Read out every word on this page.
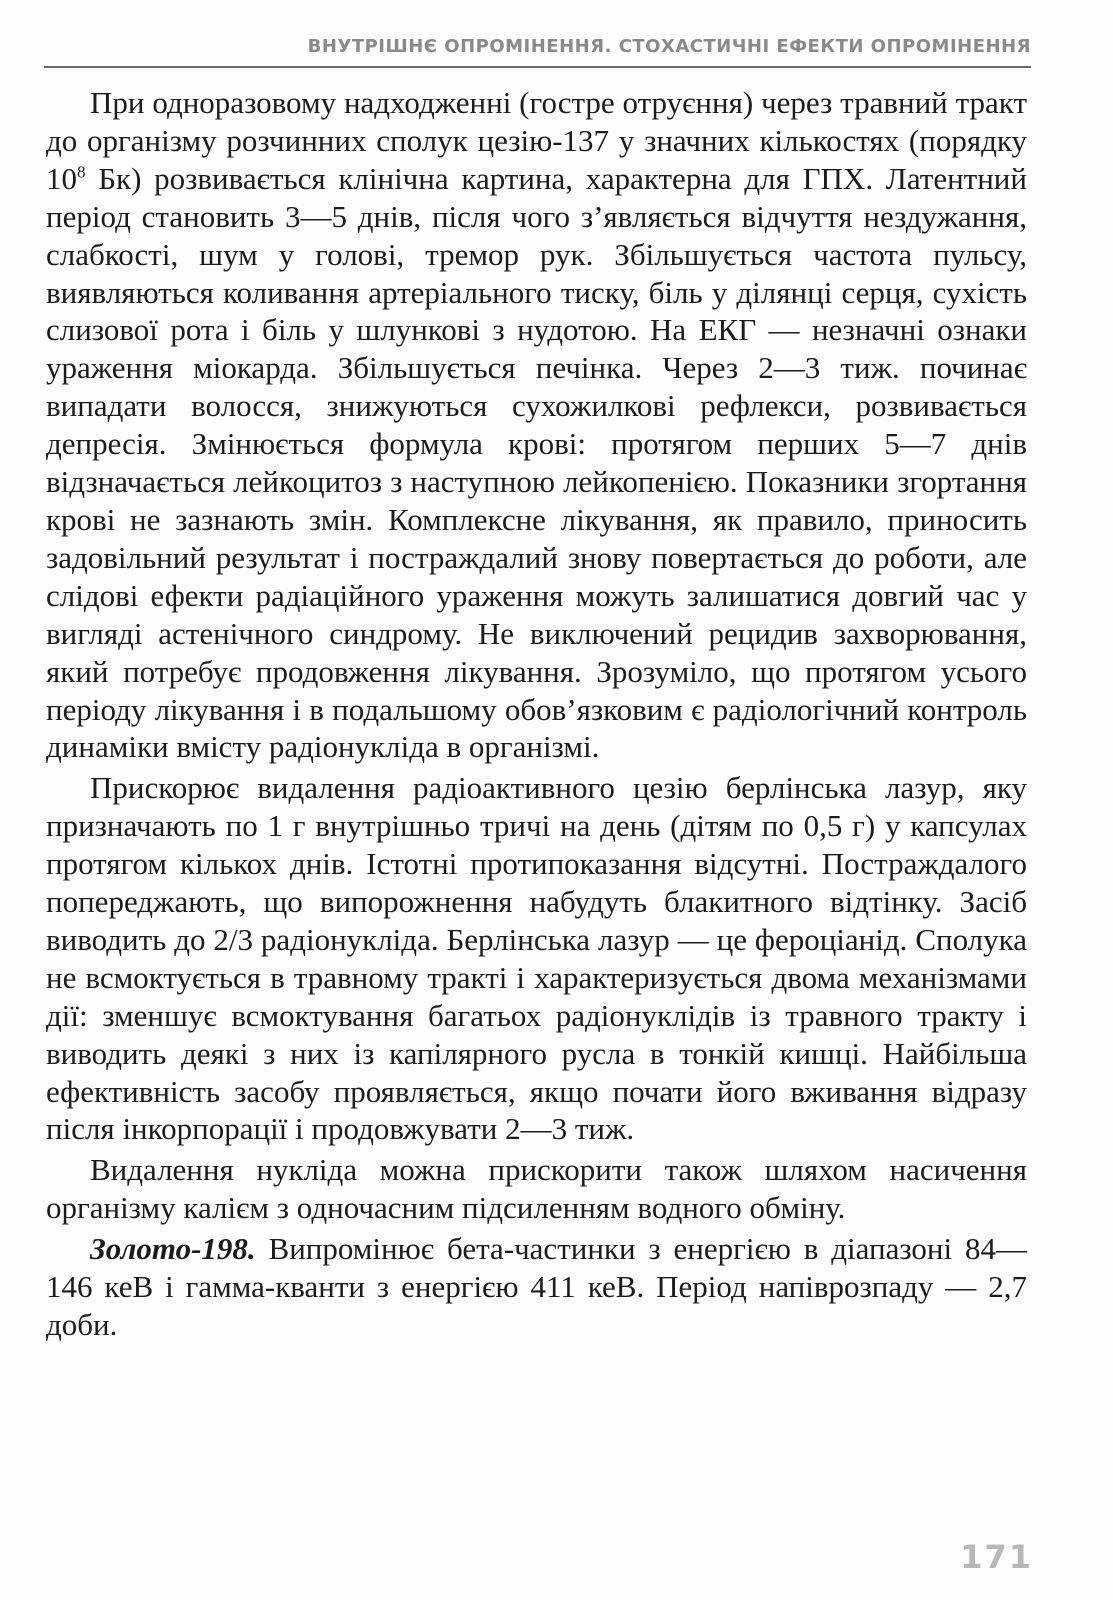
ВНУТРІШНЄ ОПРОМІНЕННЯ. СТОХАСТИЧНІ ЕФЕКТИ ОПРОМІНЕННЯ

При одноразовому надходженні (гостре отруєння) через травний тракт до організму розчинних сполук цезію-137 у значних кількостях (порядку $10^8$ Бк) розвивається клінічна картина, характерна для ГПХ. Латентний період становить 3—5 днів, після чого з’являється відчуття нездужання, слабкості, шум у голові, тремор рук. Збільшується частота пульсу, виявляються коливання артеріального тиску, біль у ділянці серця, сухість слизової рота і біль у шлункові з нудотою. На ЕКГ — незначні ознаки ураження міокарда. Збільшується печінка. Через 2—3 тиж. починає випадати волосся, знижуються сухожилкові рефлекси, розвивається депресія. Змінюється формула крові: протягом перших 5—7 днів відзначається лейкоцитоз з наступною лейкопенією. Показники згортання крові не зазнають змін. Комплексне лікування, як правило, приносить задовільний результат і постраждалий знову повертається до роботи, але слідові ефекти радіаційного ураження можуть залишатися довгий час у вигляді астенічного синдрому. Не виключений рецидив захворювання, який потребує продовження лікування. Зрозуміло, що протягом усього періоду лікування і в подальшому обов’язковим є радіологічний контроль динаміки вмісту радіонукліда в організмі.

Прискорює видалення радіоактивного цезію берлінська лазур, яку призначають по 1 г внутрішньо тричі на день (дітям по 0,5 г) у капсулах протягом кількох днів. Істотні протипоказання відсутні. Постраждалого попереджають, що випорожнення набудуть блакитного відтінку. Засіб виводить до 2/3 радіонукліда. Берлінська лазур — це фероціанід. Сполука не всмоктується в травному тракті і характеризується двома механізмами дії: зменшує всмоктування багатьох радіонуклідів із травного тракту і виводить деякі з них із капілярного русла в тонкій кишці. Найбільша ефективність засобу проявляється, якщо почати його вживання відразу після інкорпорації і продовжувати 2—3 тиж.

Видалення нукліда можна прискорити також шляхом насичення організму калієм з одночасним підсиленням водного обміну.

Золото-198. Випромінює бета-частинки з енергією в діапазоні 84—146 кеВ і гамма-кванти з енергією 411 кеВ. Період напіврозпаду — 2,7 доби.

171
